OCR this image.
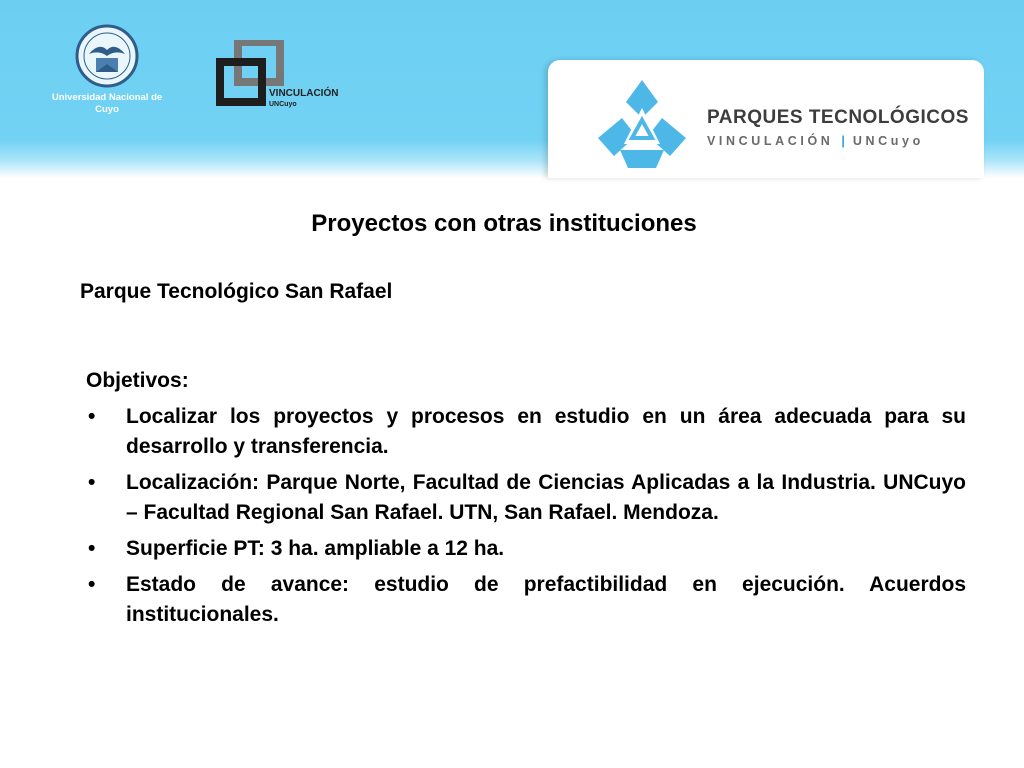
Universidad Nacional de Cuyo
VINCULACIÓN
UNCuyo
PARQUES TECNOLÓGICOS
VINCULACIÓN | UNCuyo
Proyectos con otras instituciones
Parque Tecnológico San Rafael
Objetivos:
• Localizar los proyectos y procesos en estudio en un área adecuada para su desarrollo y transferencia.
• Localización: Parque Norte, Facultad de Ciencias Aplicadas a la Industria. UNCuyo – Facultad Regional San Rafael. UTN, San Rafael. Mendoza.
• Superficie PT: 3 ha. ampliable a 12 ha.
• Estado de avance: estudio de prefactibilidad en ejecución. Acuerdos institucionales.
